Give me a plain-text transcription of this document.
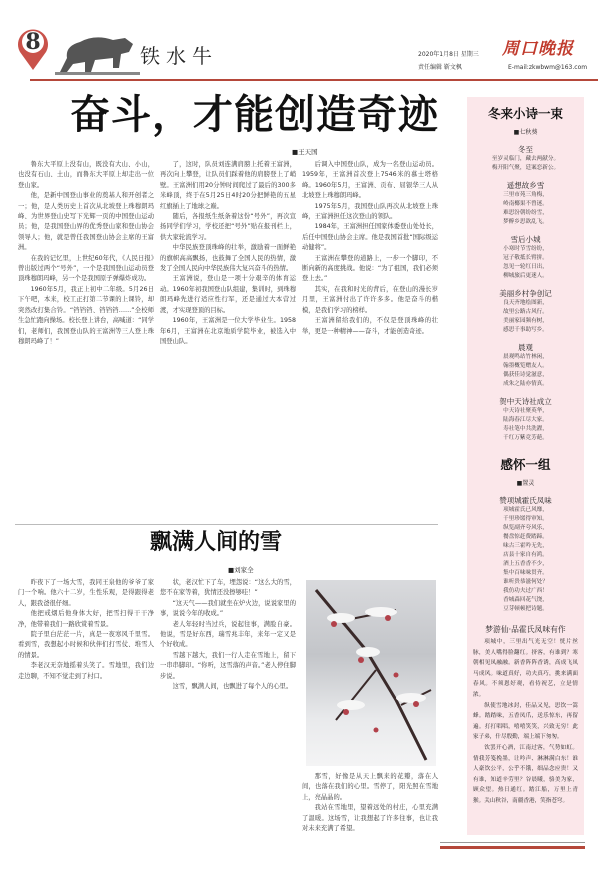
8
铁水牛	2020年1月8日 星期三
责任编辑 靳文枫
周口晚报
E-mail:zkwbwm@163.com
奋斗，才能创造奇迹
■王天国

鲁东大平原上没有山，既没有大山、小山，也没有石山、土山，而鲁东大平原上却走出一位登山家。

他，是新中国登山事业的奠基人和开创者之一；他，是人类历史上首次从北坡登上珠穆朗玛峰、为世界登山史写下光辉一页的中国登山运动员；他，是我国登山界的优秀登山家和登山协会领导人；他，就是曾任我国登山协会主席的王富洲。

在我的记忆里，上世纪60年代，《人民日报》曾出版过两个“号外”，一个是我国登山运动员登顶珠穆朗玛峰，另一个是我国原子弹爆炸成功。

1960年5月，我正上初中二年级。5月26日下午吧，本来，校工正打第二节课的上课铃，却突然改打集合铃。“铛铛铛、铛铛铛……”全校师生急忙跑向操场。校长登上讲台，高喊道：“同学们，老师们，我国登山队的王富洲等三人登上珠穆朗玛峰了！”

了，这时，队员刘连满肩膀上托着王富洲，再次向上攀登，让队员们踩着他的肩膀登上了峭壁。王富洲们用20分钟时间爬过了最后的300多米峰顶，终于在5月25日4时20分把鲜艳的五星红旗插上了地球之巅。

随后，各报纸生纸条着这份“号外”，再次宣扬同学们学习，学校还把“号外”贴在报刊栏上，供大家轮流学习。

中华民族登顶珠峰的壮举，激励着一面鲜艳的旗帜高高飘扬，也鼓舞了全国人民的热情，激发了全国人民向中华民族伟大复兴奋斗的热情。

王富洲说，登山是一项十分艰辛的体育运动。1960年初我国登山队组建，集训时，到珠穆朗玛峰先进行适应性行军，还是通过大本营过渡，才实现登顶的目标。

1960年，王富洲是一位大学毕业生。1958年6月，王富洲在北京地质学院毕业，被选入中国登山队。

后调入中国登山队，成为一名登山运动员。1959年，王富洲首次登上7546米的慕士塔格峰。1960年5月，王富洲、贡布、屈银华三人从北坡登上珠穆朗玛峰。

1975年5月，我国登山队再次从北坡登上珠峰，王富洲担任这次登山的领队。

1984年，王富洲担任国家体委登山处处长，后任中国登山协会主席。他是我国首批“国际级运动健将”。

王富洲在攀登的道路上，一步一个脚印，不断向新的高度挑战。他说：“为了祖国，我们必须登上去。”

其实，在我和时光的背后，在登山的漫长岁月里，王富洲付出了许许多多。他是奋斗的楷模，是我们学习的榜样。

王富洲留给我们的，不仅是登顶珠峰的壮举，更是一种精神——奋斗，才能创造奇迹。

飘满人间的雪
■刘家全

昨夜下了一场大雪，我同王泉他的爷爷了家门一个响。他六十二岁，生性乐观，是得跟得老人，跟我爸很仔细。

他把戒烟后他身体大好，把雪扫得干干净净，他带着我们一路欣赏着雪景。

院子里白茫茫一片，真是一夜寒风千里雪。看到雪，我想起小时候和伙伴们打雪仗、堆雪人的情景。

李老汉无奈地摇着头笑了。雪地里，我们边走边聊，不知不觉走到了村口。

状，老汉忙下了车，埋怨说：“这么大的雪，您不在家等着，犹情还没擦够哇！”

“这天气——我们就坐在炉火边，说说家里的事，说说今年的收成。”

老人年轻时当过兵，说起往事，满脸自豪。他说，雪是好东西，瑞雪兆丰年，来年一定又是个好收成。

雪越下越大，我们一行人走在雪地上，留下一串串脚印。“你听，这雪落的声音。”老人停住脚步说。

这雪，飘满人间，也飘进了每个人的心里。

那雪，好像是从天上飘来的花瓣，落在人间，也落在我们的心里。雪停了，阳光照在雪地上，亮晶晶的。

我站在雪地里，望着远处的村庄，心里充满了温暖。这场雪，让我想起了许多往事，也让我对未来充满了希望。

冬来小诗一束
■七秋葵
冬至
至岁灵临门，藏去两献分。
梅开阳气聚，廷案恋新公。
遥想故乡雪
三里市苑三角梅，
岭南椰果不曾迷。
难思汾朝纷纷雪，
梦醉乡思欲乱飞。
雪后小城
小寒时节雪纷纷，
冠子敬抵长臂拼。
忽见一轮红日出，
柳城旅后更迷人。
美丽乡村争创记
良天齐地绘图新，
故里公路古风行。
美丽家园频有树，
感思千事助写乡。
晨观
晨观鸣站竹林闲，
翰墨概览赠友人。
偶获佳诗觉滋意，
成朱之陆亦情真。
贺中天诗社成立
中天诗社聚英华，
陆海春江尽大家。
寿社笔中共洗濯，
千红万紫竞芳葩。
感怀一组
■置灵
赞项城霍氏凤味
项城霍氏已风靡，
千里珍馐得审知。
纵览副齐夸风乐，
餐盘惊赶费踏蹄。
味古三霍吟无先，
店县十家自有鸿。
酒上五香香不少，
集中百味味贯齐。
谁听贵恭滋何处？
我仿功夫过广西！
香城森回花气饶，
豆芽顿顿把诗题。
梦游仙·品霍氏凤味有作

项城中，三里出气光无空！恍片丝脉，美人嘴得脸翻红。挤客，有谁到？寒朝相见凤融融。新香阵阵香诱，高成飞凤马成风。味道真好，功夫真巧，挑来满面春风。不须恩好观，看侍祝艺，立是情浓。

纵使雪地冰封，佳品又见，思饮一篙蜂。踏踏味，五香凤爪，送乐惊东，再留遍。打打唱唱，嘻嘻笑笑，兴致无穷！此家子弟，什尽殷勤，端上端下匆匆。

饮罢开心酒，江南过客，气势如虹。情我芳笺挽墨，让吟声、淋淋满白东！谁人豪饮公平，公乎不饿，细品念应贵！又有谁，知道辛劳里？谷晨曦，骆美为家，顾众望。热日通红。踏江船，万里上青猴。关山秋谷，南疆香港，笑指苍穹。
